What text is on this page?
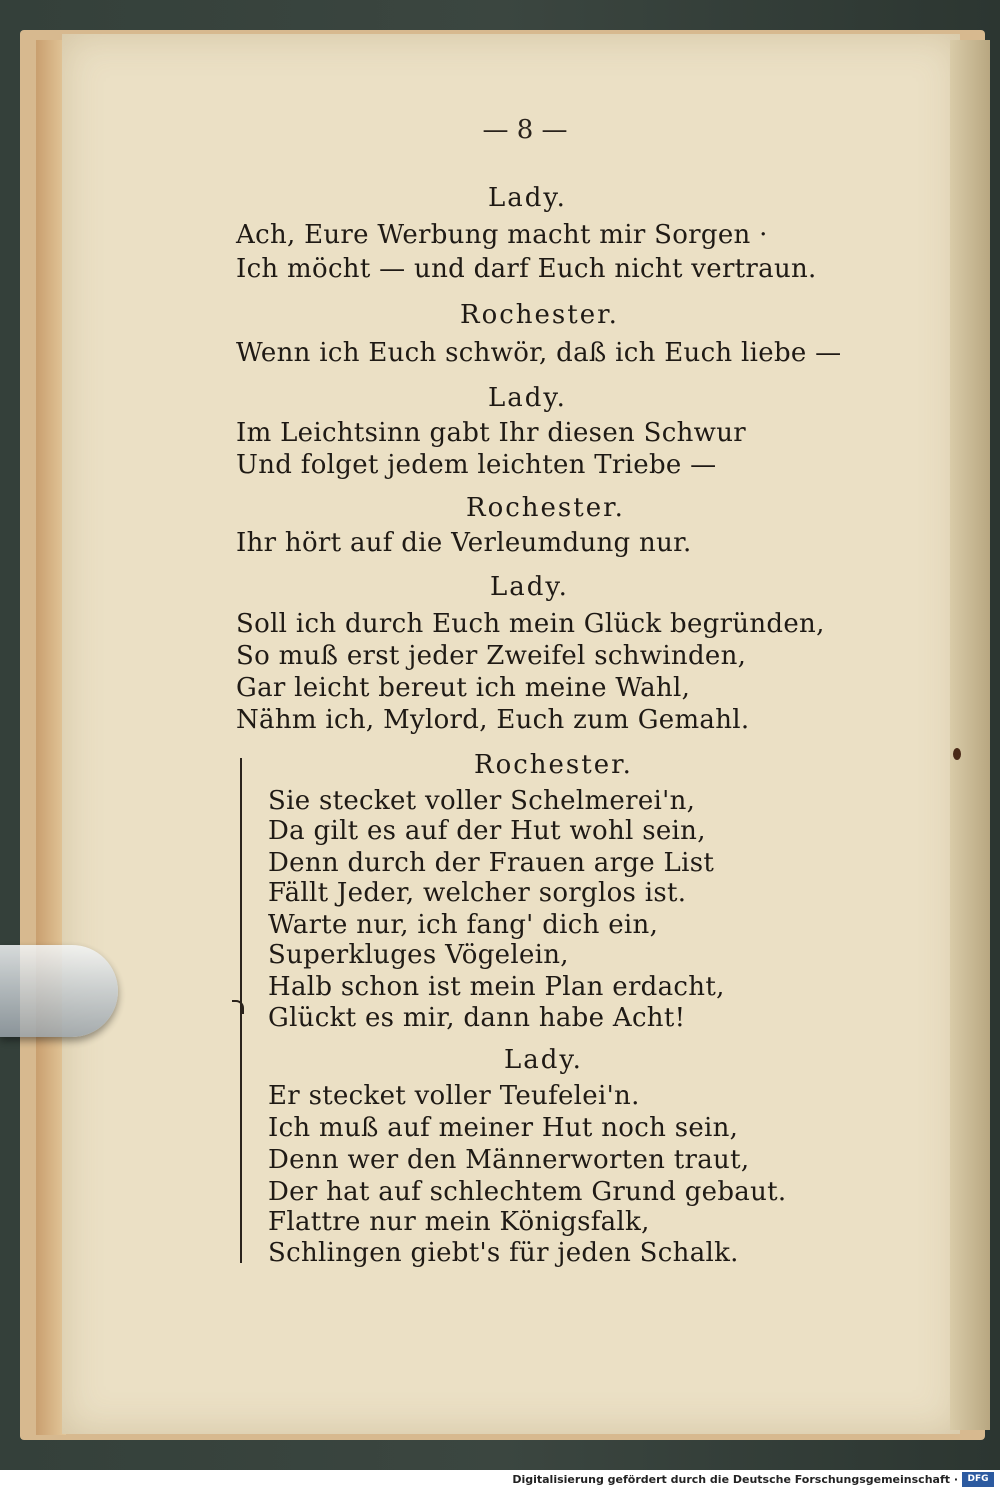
— 8 —
Lady.
Ach, Eure Werbung macht mir Sorgen ·
Ich möcht — und darf Euch nicht vertraun.
Rochester.
Wenn ich Euch schwör, daß ich Euch liebe —
Lady.
Im Leichtsinn gabt Ihr diesen Schwur
Und folget jedem leichten Triebe —
Rochester.
Ihr hört auf die Verleumdung nur.
Lady.
Soll ich durch Euch mein Glück begründen,
So muß erst jeder Zweifel schwinden,
Gar leicht bereut ich meine Wahl,
Nähm ich, Mylord, Euch zum Gemahl.
Rochester.
Sie stecket voller Schelmerei'n,
Da gilt es auf der Hut wohl sein,
Denn durch der Frauen arge List
Fällt Jeder, welcher sorglos ist.
Warte nur, ich fang' dich ein,
Superkluges Vögelein,
Halb schon ist mein Plan erdacht,
Glückt es mir, dann habe Acht!
Lady.
Er stecket voller Teufelei'n.
Ich muß auf meiner Hut noch sein,
Denn wer den Männerworten traut,
Der hat auf schlechtem Grund gebaut.
Flattre nur mein Königsfalk,
Schlingen giebt's für jeden Schalk.
Digitalisierung gefördert durch die Deutsche Forschungsgemeinschaft ·	DFG
